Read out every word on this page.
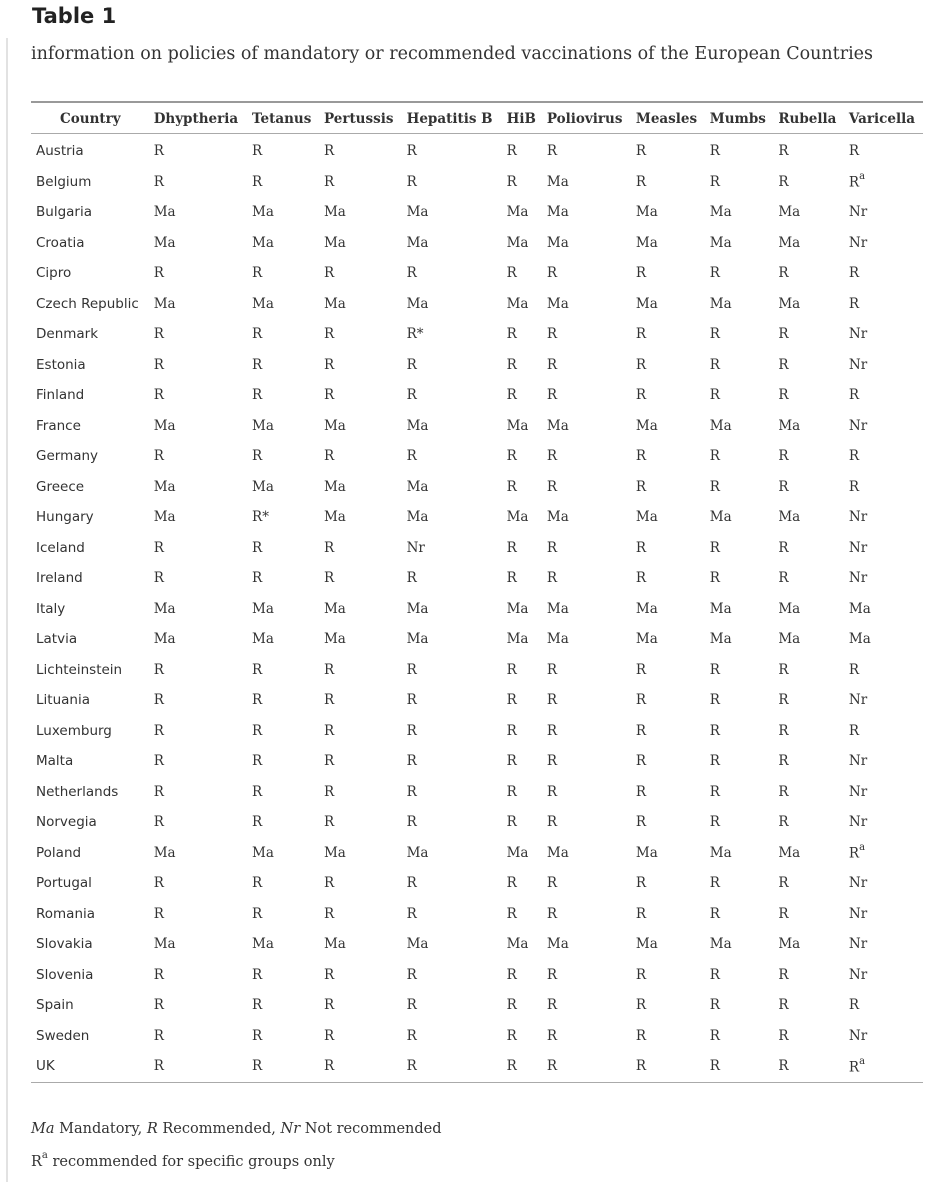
Table 1
information on policies of mandatory or recommended vaccinations of the European Countries
Country	Dhyptheria	Tetanus	Pertussis	Hepatitis B	HiB	Poliovirus	Measles	Mumbs	Rubella	Varicella
Austria	R	R	R	R	R	R	R	R	R	R
Belgium	R	R	R	R	R	Ma	R	R	R	$R^a$
Bulgaria	Ma	Ma	Ma	Ma	Ma	Ma	Ma	Ma	Ma	Nr
Croatia	Ma	Ma	Ma	Ma	Ma	Ma	Ma	Ma	Ma	Nr
Cipro	R	R	R	R	R	R	R	R	R	R
Czech Republic	Ma	Ma	Ma	Ma	Ma	Ma	Ma	Ma	Ma	R
Denmark	R	R	R	R*	R	R	R	R	R	Nr
Estonia	R	R	R	R	R	R	R	R	R	Nr
Finland	R	R	R	R	R	R	R	R	R	R
France	Ma	Ma	Ma	Ma	Ma	Ma	Ma	Ma	Ma	Nr
Germany	R	R	R	R	R	R	R	R	R	R
Greece	Ma	Ma	Ma	Ma	R	R	R	R	R	R
Hungary	Ma	R*	Ma	Ma	Ma	Ma	Ma	Ma	Ma	Nr
Iceland	R	R	R	Nr	R	R	R	R	R	Nr
Ireland	R	R	R	R	R	R	R	R	R	Nr
Italy	Ma	Ma	Ma	Ma	Ma	Ma	Ma	Ma	Ma	Ma
Latvia	Ma	Ma	Ma	Ma	Ma	Ma	Ma	Ma	Ma	Ma
Lichteinstein	R	R	R	R	R	R	R	R	R	R
Lituania	R	R	R	R	R	R	R	R	R	Nr
Luxemburg	R	R	R	R	R	R	R	R	R	R
Malta	R	R	R	R	R	R	R	R	R	Nr
Netherlands	R	R	R	R	R	R	R	R	R	Nr
Norvegia	R	R	R	R	R	R	R	R	R	Nr
Poland	Ma	Ma	Ma	Ma	Ma	Ma	Ma	Ma	Ma	$R^a$
Portugal	R	R	R	R	R	R	R	R	R	Nr
Romania	R	R	R	R	R	R	R	R	R	Nr
Slovakia	Ma	Ma	Ma	Ma	Ma	Ma	Ma	Ma	Ma	Nr
Slovenia	R	R	R	R	R	R	R	R	R	Nr
Spain	R	R	R	R	R	R	R	R	R	R
Sweden	R	R	R	R	R	R	R	R	R	Nr
UK	R	R	R	R	R	R	R	R	R	$R^a$
Ma Mandatory, R Recommended, Nr Not recommended
$R^a$ recommended for specific groups only
